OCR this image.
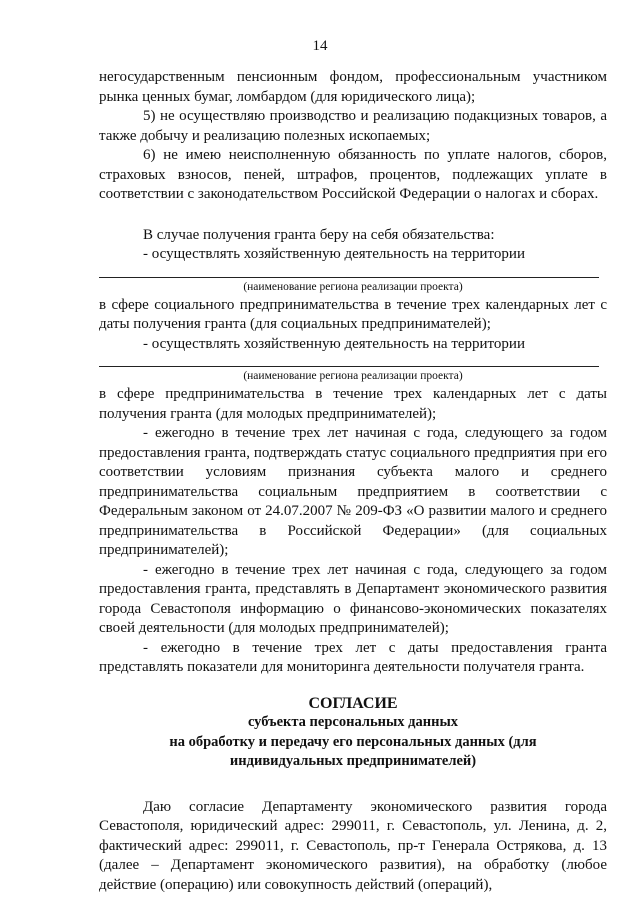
14

негосударственным пенсионным фондом, профессиональным участником рынка ценных бумаг, ломбардом (для юридического лица);

5) не осуществляю производство и реализацию подакцизных товаров, а также добычу и реализацию полезных ископаемых;

6) не имею неисполненную обязанность по уплате налогов, сборов, страховых взносов, пеней, штрафов, процентов, подлежащих уплате в соответствии с законодательством Российской Федерации о налогах и сборах.

В случае получения гранта беру на себя обязательства:

- осуществлять хозяйственную деятельность на территории

(наименование региона реализации проекта)

в сфере социального предпринимательства в течение трех календарных лет с даты получения гранта (для социальных предпринимателей);

- осуществлять хозяйственную деятельность на территории

(наименование региона реализации проекта)

в сфере предпринимательства в течение трех календарных лет с даты получения гранта (для молодых предпринимателей);

- ежегодно в течение трех лет начиная с года, следующего за годом предоставления гранта, подтверждать статус социального предприятия при его соответствии условиям признания субъекта малого и среднего предпринимательства социальным предприятием в соответствии с Федеральным законом от 24.07.2007 № 209-ФЗ «О развитии малого и среднего предпринимательства в Российской Федерации» (для социальных предпринимателей);

- ежегодно в течение трех лет начиная с года, следующего за годом предоставления гранта, представлять в Департамент экономического развития города Севастополя информацию о финансово-экономических показателях своей деятельности (для молодых предпринимателей);

- ежегодно в течение трех лет с даты предоставления гранта представлять показатели для мониторинга деятельности получателя гранта.

СОГЛАСИЕ

субъекта персональных данных

на обработку и передачу его персональных данных (для

индивидуальных предпринимателей)

Даю согласие Департаменту экономического развития города Севастополя, юридический адрес: 299011, г. Севастополь, ул. Ленина, д. 2, фактический адрес: 299011, г. Севастополь, пр-т Генерала Острякова, д. 13 (далее – Департамент экономического развития), на обработку (любое действие (операцию) или совокупность действий (операций),
